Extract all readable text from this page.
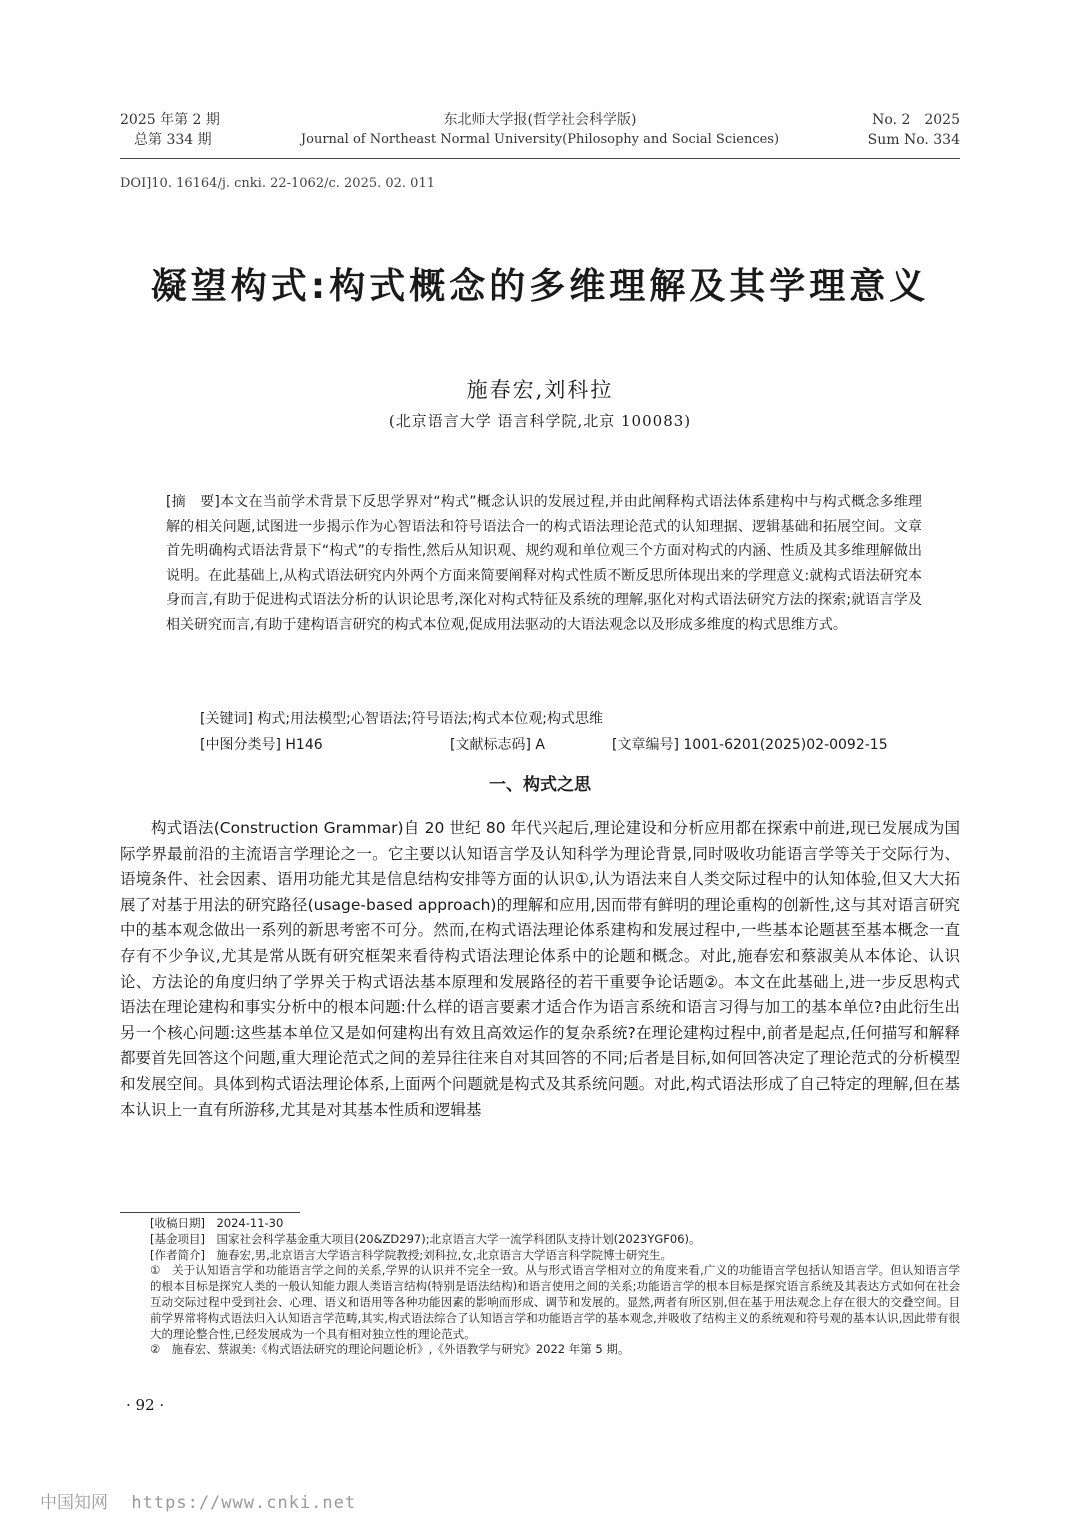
2025 年第 2 期
总第 334 期
东北师大学报(哲学社会科学版)
Journal of Northeast Normal University(Philosophy and Social Sciences)
No. 2　2025
Sum No. 334
DOI]10. 16164/j. cnki. 22-1062/c. 2025. 02. 011
凝望构式:构式概念的多维理解及其学理意义
施春宏,刘科拉
(北京语言大学 语言科学院,北京 100083)
[摘　要]本文在当前学术背景下反思学界对“构式”概念认识的发展过程,并由此阐释构式语法体系建构中与构式概念多维理解的相关问题,试图进一步揭示作为心智语法和符号语法合一的构式语法理论范式的认知理据、逻辑基础和拓展空间。文章首先明确构式语法背景下“构式”的专指性,然后从知识观、规约观和单位观三个方面对构式的内涵、性质及其多维理解做出说明。在此基础上,从构式语法研究内外两个方面来简要阐释对构式性质不断反思所体现出来的学理意义:就构式语法研究本身而言,有助于促进构式语法分析的认识论思考,深化对构式特征及系统的理解,驱化对构式语法研究方法的探索;就语言学及相关研究而言,有助于建构语言研究的构式本位观,促成用法驱动的大语法观念以及形成多维度的构式思维方式。
[关键词] 构式;用法模型;心智语法;符号语法;构式本位观;构式思维
[中图分类号] H146	[文献标志码] A	[文章编号] 1001-6201(2025)02-0092-15
一、构式之思
构式语法(Construction Grammar)自 20 世纪 80 年代兴起后,理论建设和分析应用都在探索中前进,现已发展成为国际学界最前沿的主流语言学理论之一。它主要以认知语言学及认知科学为理论背景,同时吸收功能语言学等关于交际行为、语境条件、社会因素、语用功能尤其是信息结构安排等方面的认识①,认为语法来自人类交际过程中的认知体验,但又大大拓展了对基于用法的研究路径(usage-based approach)的理解和应用,因而带有鲜明的理论重构的创新性,这与其对语言研究中的基本观念做出一系列的新思考密不可分。然而,在构式语法理论体系建构和发展过程中,一些基本论题甚至基本概念一直存有不少争议,尤其是常从既有研究框架来看待构式语法理论体系中的论题和概念。对此,施春宏和蔡淑美从本体论、认识论、方法论的角度归纳了学界关于构式语法基本原理和发展路径的若干重要争论话题②。本文在此基础上,进一步反思构式语法在理论建构和事实分析中的根本问题:什么样的语言要素才适合作为语言系统和语言习得与加工的基本单位?由此衍生出另一个核心问题:这些基本单位又是如何建构出有效且高效运作的复杂系统?在理论建构过程中,前者是起点,任何描写和解释都要首先回答这个问题,重大理论范式之间的差异往往来自对其回答的不同;后者是目标,如何回答决定了理论范式的分析模型和发展空间。具体到构式语法理论体系,上面两个问题就是构式及其系统问题。对此,构式语法形成了自己特定的理解,但在基本认识上一直有所游移,尤其是对其基本性质和逻辑基

[收稿日期]　2024-11-30

[基金项目]　国家社会科学基金重大项目(20&ZD297);北京语言大学一流学科团队支持计划(2023YGF06)。

[作者简介]　施春宏,男,北京语言大学语言科学院教授;刘科拉,女,北京语言大学语言科学院博士研究生。

①　关于认知语言学和功能语言学之间的关系,学界的认识并不完全一致。从与形式语言学相对立的角度来看,广义的功能语言学包括认知语言学。但认知语言学的根本目标是探究人类的一般认知能力跟人类语言结构(特别是语法结构)和语言使用之间的关系;功能语言学的根本目标是探究语言系统及其表达方式如何在社会互动交际过程中受到社会、心理、语义和语用等各种功能因素的影响而形成、调节和发展的。显然,两者有所区别,但在基于用法观念上存在很大的交叠空间。目前学界常将构式语法归入认知语言学范畴,其实,构式语法综合了认知语言学和功能语言学的基本观念,并吸收了结构主义的系统观和符号观的基本认识,因此带有很大的理论整合性,已经发展成为一个具有相对独立性的理论范式。

②　施春宏、蔡淑美:《构式语法研究的理论问题论析》,《外语教学与研究》2022 年第 5 期。

· 92 ·
中国知网 https://www.cnki.net
